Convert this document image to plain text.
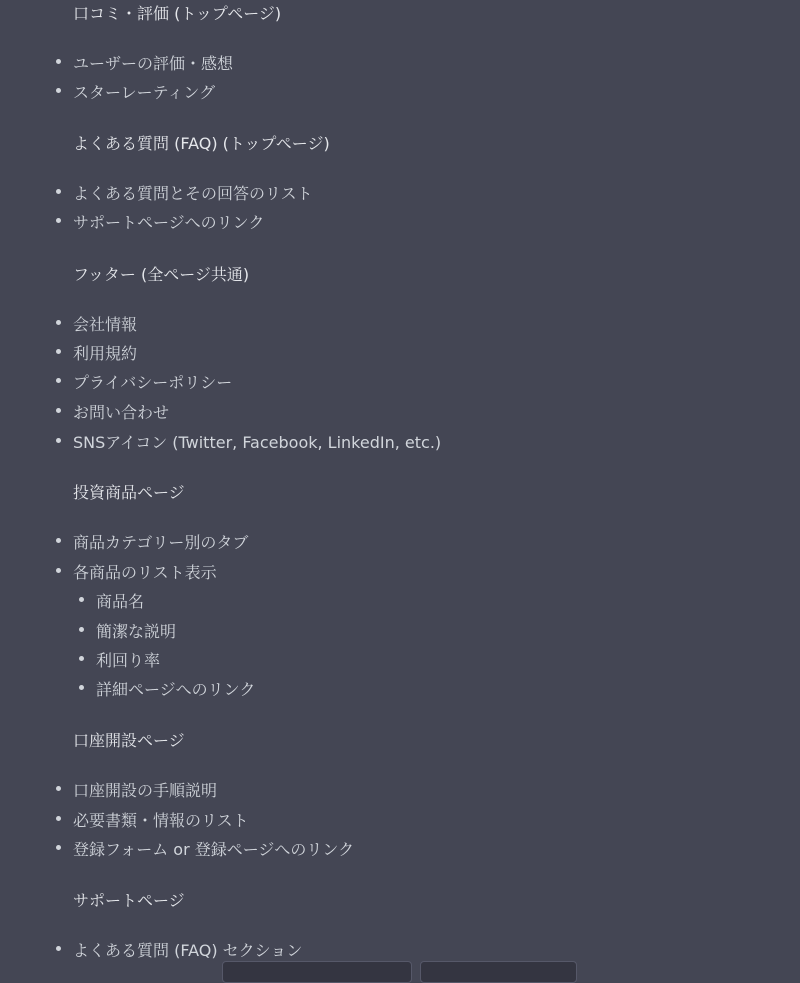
口コミ・評価 (トップページ)
ユーザーの評価・感想
スターレーティング
よくある質問 (FAQ) (トップページ)
よくある質問とその回答のリスト
サポートページへのリンク
フッター (全ページ共通)
会社情報
利用規約
プライバシーポリシー
お問い合わせ
SNSアイコン (Twitter, Facebook, LinkedIn, etc.)
投資商品ページ
商品カテゴリー別のタブ
各商品のリスト表示
商品名
簡潔な説明
利回り率
詳細ページへのリンク
口座開設ページ
口座開設の手順説明
必要書類・情報のリスト
登録フォーム or 登録ページへのリンク
サポートページ
よくある質問 (FAQ) セクション
